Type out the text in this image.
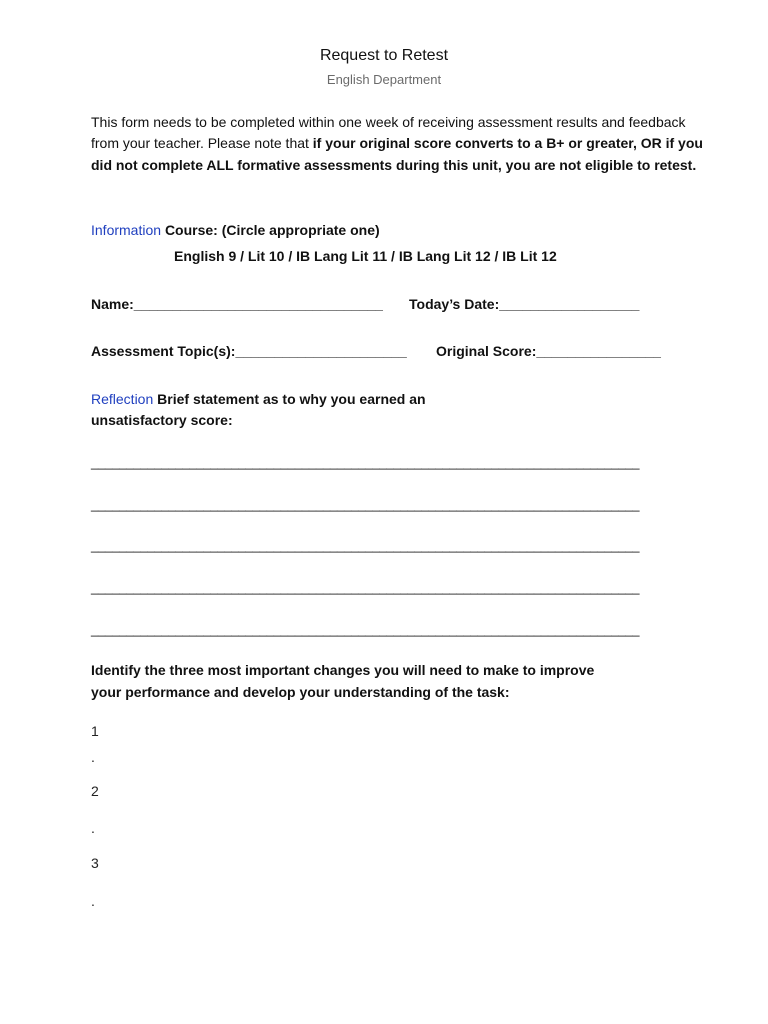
Request to Retest
English Department
This form needs to be completed within one week of receiving assessment results and feedback from your teacher. Please note that if your original score converts to a B+ or greater, OR if you did not complete ALL formative assessments during this unit, you are not eligible to retest.
Information Course: (Circle appropriate one)
English 9 / Lit 10 / IB Lang Lit 11 / IB Lang Lit 12 / IB Lit 12
Name:________________________________ Today’s Date:__________________
Assessment Topic(s):______________________ Original Score:________________
Reflection Brief statement as to why you earned an
unsatisfactory score:
______________________________________________________________________________
______________________________________________________________________________
______________________________________________________________________________
______________________________________________________________________________
______________________________________________________________________________
Identify the three most important changes you will need to make to improve
your performance and develop your understanding of the task:
1
.
2
.
3
.
